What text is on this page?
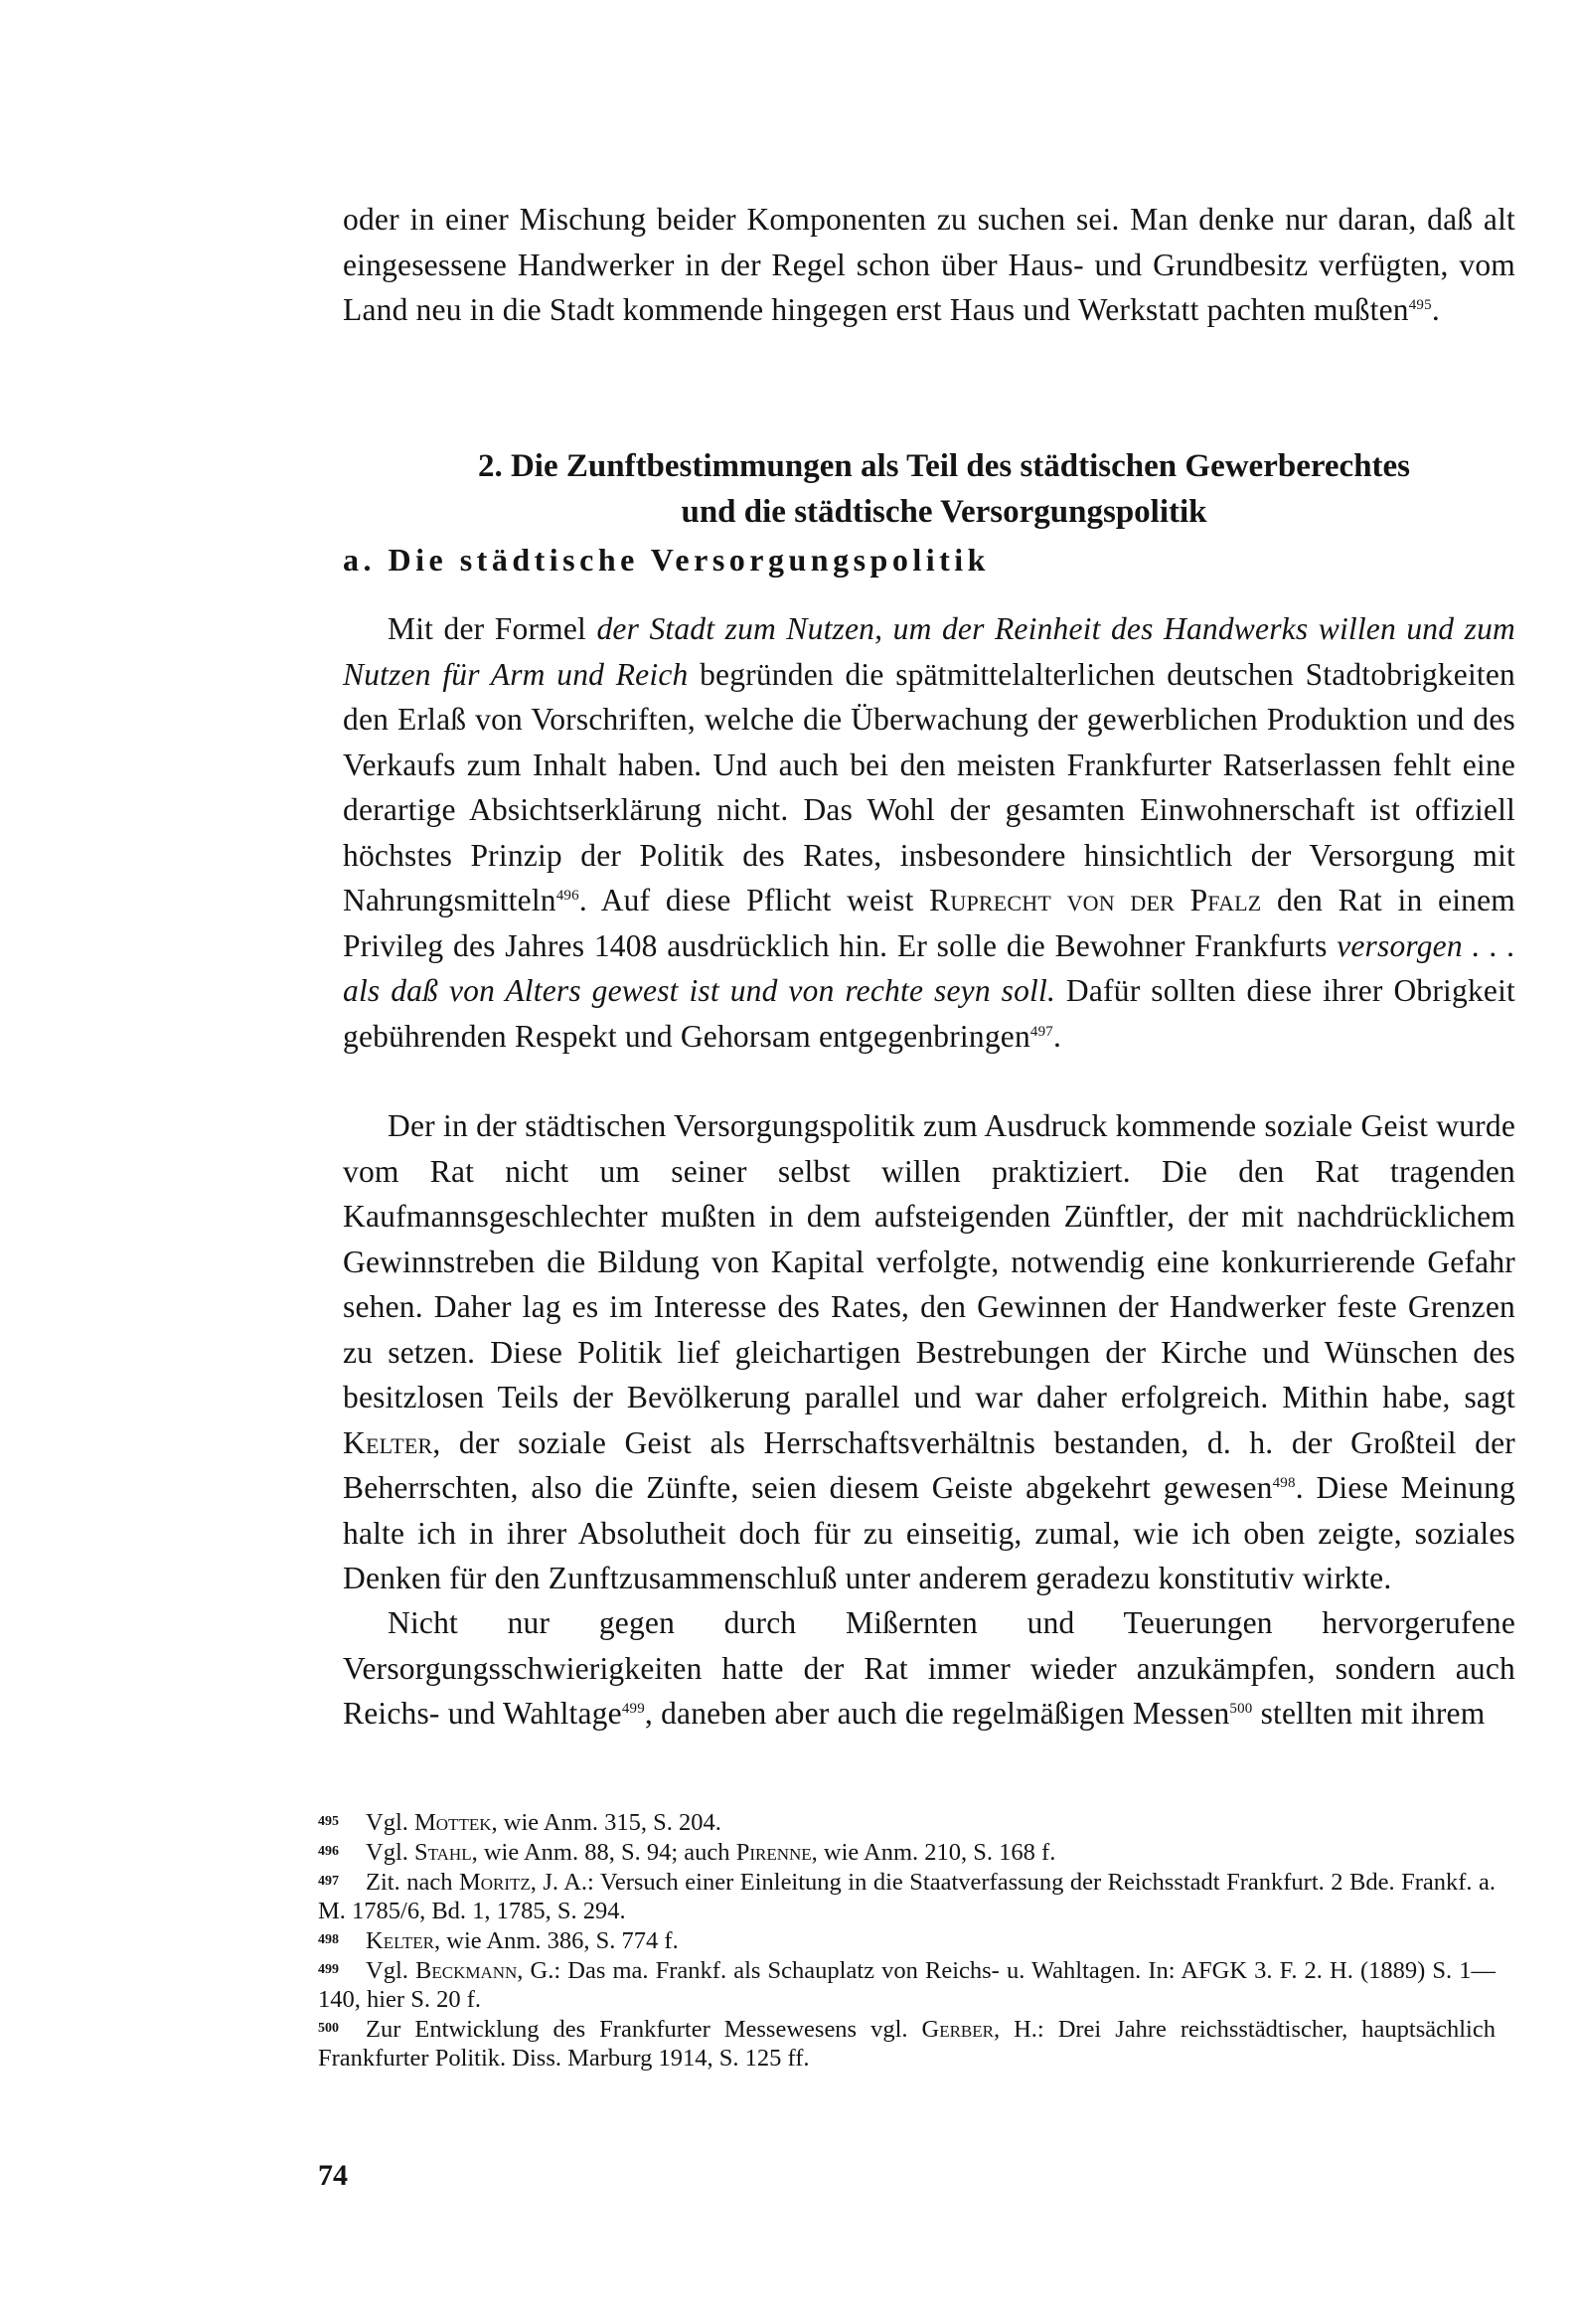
oder in einer Mischung beider Komponenten zu suchen sei. Man denke nur daran, daß alt eingesessene Handwerker in der Regel schon über Haus- und Grundbesitz verfügten, vom Land neu in die Stadt kommende hingegen erst Haus und Werkstatt pachten mußten$^{495}$.

2. Die Zunftbestimmungen als Teil des städtischen Gewerberechtes
und die städtische Versorgungspolitik
a. Die städtische Versorgungspolitik

Mit der Formel der Stadt zum Nutzen, um der Reinheit des Handwerks willen und zum Nutzen für Arm und Reich begründen die spätmittelalterlichen deutschen Stadtobrigkeiten den Erlaß von Vorschriften, welche die Überwachung der gewerblichen Produktion und des Verkaufs zum Inhalt haben. Und auch bei den meisten Frankfurter Ratserlassen fehlt eine derartige Absichtserklärung nicht. Das Wohl der gesamten Einwohnerschaft ist offiziell höchstes Prinzip der Politik des Rates, insbesondere hinsichtlich der Versorgung mit Nahrungsmitteln$^{496}$. Auf diese Pflicht weist Ruprecht von der Pfalz den Rat in einem Privileg des Jahres 1408 ausdrücklich hin. Er solle die Bewohner Frankfurts versorgen . . . als daß von Alters gewest ist und von rechte seyn soll. Dafür sollten diese ihrer Obrigkeit gebührenden Respekt und Gehorsam entgegenbringen$^{497}$.

Der in der städtischen Versorgungspolitik zum Ausdruck kommende soziale Geist wurde vom Rat nicht um seiner selbst willen praktiziert. Die den Rat tragenden Kaufmannsgeschlechter mußten in dem aufsteigenden Zünftler, der mit nachdrücklichem Gewinnstreben die Bildung von Kapital verfolgte, notwendig eine konkurrierende Gefahr sehen. Daher lag es im Interesse des Rates, den Gewinnen der Handwerker feste Grenzen zu setzen. Diese Politik lief gleichartigen Bestrebungen der Kirche und Wünschen des besitzlosen Teils der Bevölkerung parallel und war daher erfolgreich. Mithin habe, sagt Kelter, der soziale Geist als Herrschaftsverhältnis bestanden, d. h. der Großteil der Beherrschten, also die Zünfte, seien diesem Geiste abgekehrt gewesen$^{498}$. Diese Meinung halte ich in ihrer Absolutheit doch für zu einseitig, zumal, wie ich oben zeigte, soziales Denken für den Zunftzusammenschluß unter anderem geradezu konstitutiv wirkte.

Nicht nur gegen durch Mißernten und Teuerungen hervorgerufene Versorgungsschwierigkeiten hatte der Rat immer wieder anzukämpfen, sondern auch Reichs- und Wahltage$^{499}$, daneben aber auch die regelmäßigen Messen$^{500}$ stellten mit ihrem

495 Vgl. Mottek, wie Anm. 315, S. 204.
496 Vgl. Stahl, wie Anm. 88, S. 94; auch Pirenne, wie Anm. 210, S. 168 f.
497 Zit. nach Moritz, J. A.: Versuch einer Einleitung in die Staatverfassung der Reichsstadt Frankfurt. 2 Bde. Frankf. a. M. 1785/6, Bd. 1, 1785, S. 294.
498 Kelter, wie Anm. 386, S. 774 f.
499 Vgl. Beckmann, G.: Das ma. Frankf. als Schauplatz von Reichs- u. Wahltagen. In: AFGK 3. F. 2. H. (1889) S. 1—140, hier S. 20 f.
500 Zur Entwicklung des Frankfurter Messewesens vgl. Gerber, H.: Drei Jahre reichsstädtischer, hauptsächlich Frankfurter Politik. Diss. Marburg 1914, S. 125 ff.
74
